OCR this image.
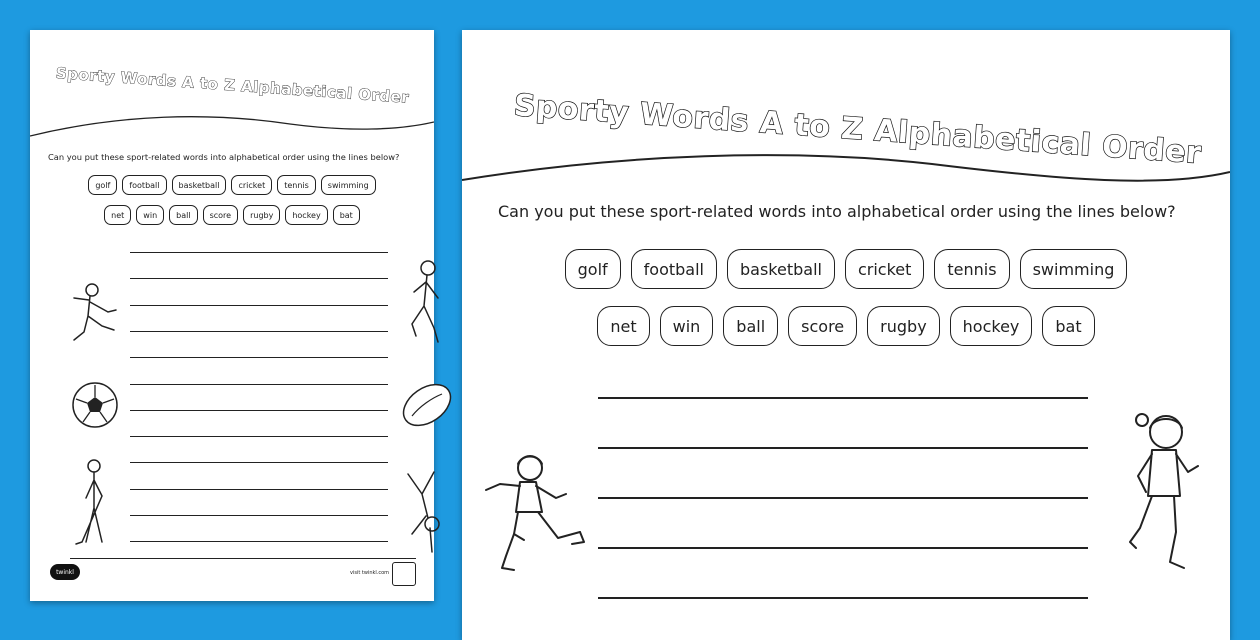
Sporty Words A to Z Alphabetical Order
Can you put these sport-related words into alphabetical order using the lines below?
golf	football	basketball	cricket	tennis	swimming
net	win	ball	score	rugby	hockey	bat
twinkl	visit twinkl.com
Sporty Words A to Z Alphabetical Order
Can you put these sport-related words into alphabetical order using the lines below?
golf	football	basketball	cricket	tennis	swimming
net	win	ball	score	rugby	hockey	bat
